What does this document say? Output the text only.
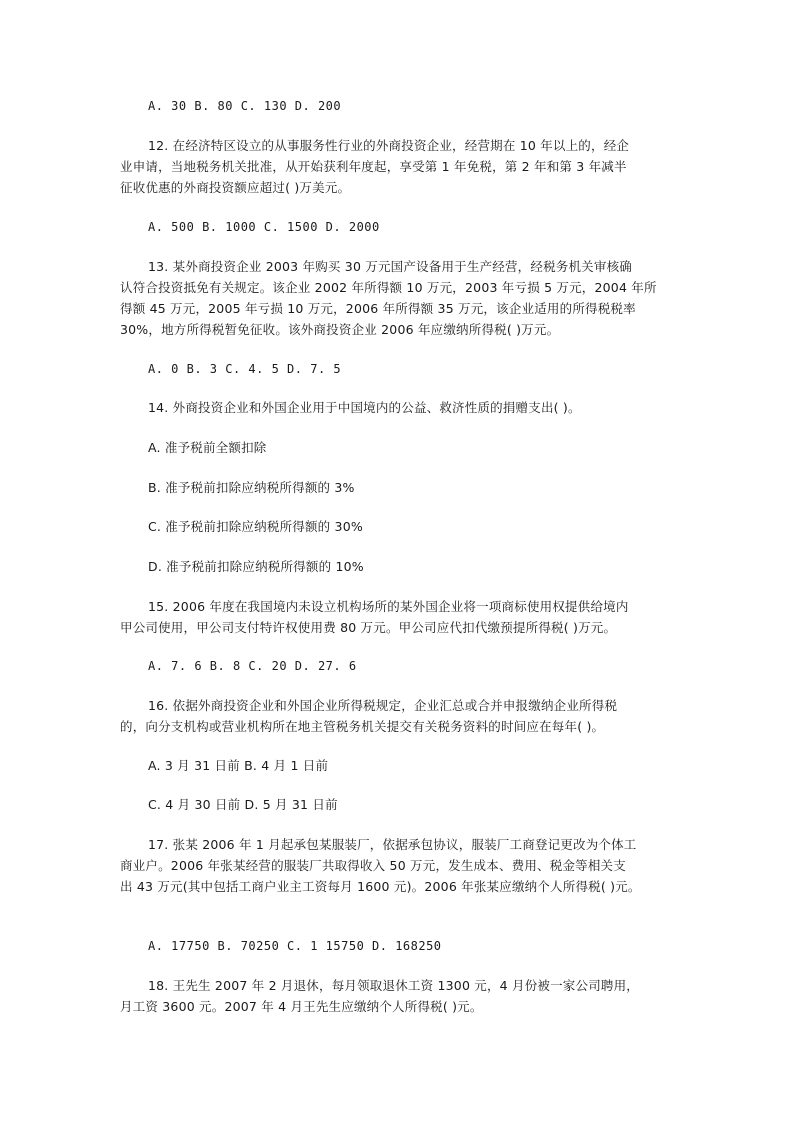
A. 30 B. 80 C. 130 D. 200
12. 在经济特区设立的从事服务性行业的外商投资企业，经营期在 10 年以上的，经企
业申请，当地税务机关批准，从开始获利年度起，享受第 1 年免税，第 2 年和第 3 年减半
征收优惠的外商投资额应超过( )万美元。
A. 500 B. 1000 C. 1500 D. 2000
13. 某外商投资企业 2003 年购买 30 万元国产设备用于生产经营，经税务机关审核确
认符合投资抵免有关规定。该企业 2002 年所得额 10 万元，2003 年亏损 5 万元，2004 年所
得额 45 万元，2005 年亏损 10 万元，2006 年所得额 35 万元，该企业适用的所得税税率
30%，地方所得税暂免征收。该外商投资企业 2006 年应缴纳所得税( )万元。
A. 0 B. 3 C. 4. 5 D. 7. 5
14. 外商投资企业和外国企业用于中国境内的公益、救济性质的捐赠支出( )。
A. 准予税前全额扣除
B. 准予税前扣除应纳税所得额的 3%
C. 准予税前扣除应纳税所得额的 30%
D. 准予税前扣除应纳税所得额的 10%
15. 2006 年度在我国境内未设立机构场所的某外国企业将一项商标使用权提供给境内
甲公司使用，甲公司支付特许权使用费 80 万元。甲公司应代扣代缴预提所得税( )万元。
A. 7. 6 B. 8 C. 20 D. 27. 6
16. 依据外商投资企业和外国企业所得税规定，企业汇总或合并申报缴纳企业所得税
的，向分支机构或营业机构所在地主管税务机关提交有关税务资料的时间应在每年( )。
A. 3 月 31 日前 B. 4 月 1 日前
C. 4 月 30 日前 D. 5 月 31 日前
17. 张某 2006 年 1 月起承包某服装厂，依据承包协议，服装厂工商登记更改为个体工
商业户。2006 年张某经营的服装厂共取得收入 50 万元，发生成本、费用、税金等相关支
出 43 万元(其中包括工商户业主工资每月 1600 元)。2006 年张某应缴纳个人所得税( )元。
A. 17750 B. 70250 C. 1 15750 D. 168250
18. 王先生 2007 年 2 月退休，每月领取退休工资 1300 元，4 月份被一家公司聘用，
月工资 3600 元。2007 年 4 月王先生应缴纳个人所得税( )元。
